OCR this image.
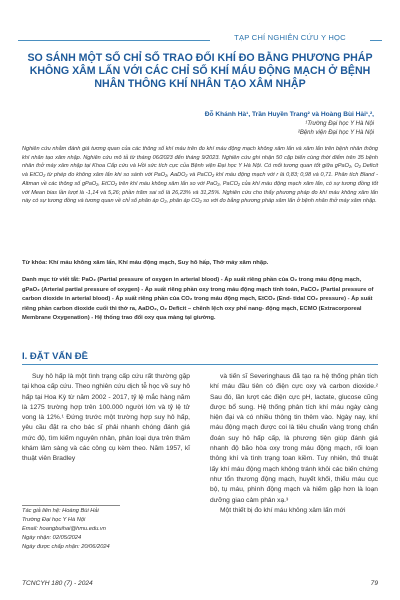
TẠP CHÍ NGHIÊN CỨU Y HỌC
SO SÁNH MỘT SỐ CHỈ SỐ TRAO ĐỔI KHÍ ĐO BẰNG PHƯƠNG PHÁP KHÔNG XÂM LẤN VỚI CÁC CHỈ SỐ KHÍ MÁU ĐỘNG MẠCH Ở BỆNH NHÂN THÔNG KHÍ NHÂN TẠO XÂM NHẬP
Đỗ Khánh Hà¹, Trần Huyền Trang² và Hoàng Bùi Hải¹,²,
¹Trường Đại học Y Hà Nội
²Bệnh viện Đại học Y Hà Nội
Nghiên cứu nhằm đánh giá tương quan của các thông số khí máu trên đo khí máu động mạch không xâm lấn và xâm lấn trên bệnh nhân thông khí nhân tạo xâm nhập. Nghiên cứu mô tả từ tháng 06/2023 đến tháng 9/2023. Nghiên cứu ghi nhận 50 cặp biến cùng thời điểm trên 35 bệnh nhân thở máy xâm nhập tại Khoa Cấp cứu và Hồi sức tích cực của Bệnh viện Đại học Y Hà Nội. Có mối tương quan tốt giữa gPaO₂, O₂ Deficit và EtCO₂ từ phép đo không xâm lấn khi so sánh với PaO₂, AaDO₂ và PaCO₂ khí máu động mạch với r là 0,83; 0,98 và 0,71. Phân tích Bland - Altman về các thông số gPaO₂, EtCO₂ trên khí máu không xâm lấn so với PaO₂, PaCO₂ của khí máu động mạch xâm lấn, có sự tương đồng tốt với Mean bias lần lượt là -1,14 và 5,26; phần trăm sai số là 26,23% và 31,25%. Nghiên cứu cho thấy phương pháp đo khí máu không xâm lấn này có sự tương đồng và tương quan về chỉ số phân áp O₂, phân áp CO₂ so với đo bằng phương pháp xâm lấn ở bệnh nhân thở máy xâm nhập.
Từ khóa: Khí máu không xâm lấn, Khí máu động mạch, Suy hô hấp, Thở máy xâm nhập.
Danh mục từ viết tắt: PaO₂ (Partial pressure of oxygen in arterial blood) - Áp suất riêng phần của O₂ trong máu động mạch, gPaO₂ (Arterial partial pressure of oxygen) - Áp suất riêng phần oxy trong máu động mạch tính toán, PaCO₂ (Partial pressure of carbon dioxide in arterial blood) - Áp suất riêng phần của CO₂ trong máu động mạch, EtCO₂ (End- tidal CO₂ pressure) - Áp suất riêng phần carbon dioxide cuối thì thở ra, AaDO₂, O₂ Deficit – chênh lệch oxy phế nang- động mạch, ECMO (Extracorporeal Membrane Oxygenation) - Hệ thống trao đổi oxy qua màng tại giường.
I. ĐẶT VẤN ĐỀ

Suy hô hấp là một tình trạng cấp cứu rất thường gặp tại khoa cấp cứu. Theo nghiên cứu dịch tễ học về suy hô hấp tại Hoa Kỳ từ năm 2002 - 2017, tỷ lệ mắc hàng năm là 1275 trường hợp trên 100.000 người lớn và tỷ lệ tử vong là 12%.¹ Đứng trước một trường hợp suy hô hấp, yêu cầu đặt ra cho bác sĩ phải nhanh chóng đánh giá mức độ, tìm kiếm nguyên nhân, phân loại dựa trên thăm khám lâm sàng và các công cụ kèm theo. Năm 1957, kĩ thuật viên Bradley

Tác giả liên hệ: Hoàng Bùi Hải
Trường Đại học Y Hà Nội
Email: hoangbuihai@hmu.edu.vn
Ngày nhận: 02/05/2024
Ngày được chấp nhận: 20/06/2024

và tiến sĩ Severinghaus đã tạo ra hệ thống phân tích khí máu đầu tiên có điện cực oxy và carbon dioxide.² Sau đó, lần lượt các điện cực pH, lactate, glucose cũng được bổ sung. Hệ thống phân tích khí máu ngày càng hiện đại và có nhiều thông tin thêm vào. Ngày nay, khí máu động mạch được coi là tiêu chuẩn vàng trong chẩn đoán suy hô hấp cấp, là phương tiện giúp đánh giá nhanh độ bão hòa oxy trong máu động mạch, rối loạn thông khí và tình trạng toan kiềm. Tuy nhiên, thủ thuật lấy khí máu động mạch không tránh khỏi các biến chứng như tổn thương động mạch, huyết khối, thiếu máu cục bộ, tụ máu, phình động mạch và hiếm gặp hơn là loạn dưỡng giao cảm phản xạ.³

Một thiết bị đo khí máu không xâm lấn mới

TCNCYH 180 (7) - 2024	79
